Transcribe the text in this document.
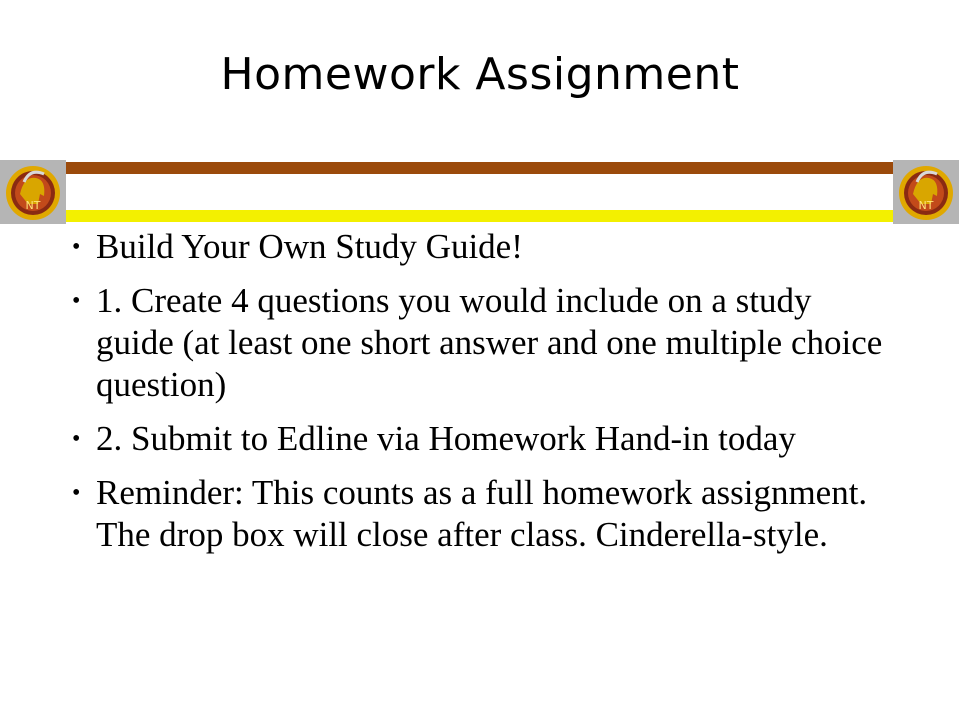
Homework Assignment
NT	NT
• Build Your Own Study Guide!
• 1. Create 4 questions you would include on a study guide (at least one short answer and one multiple choice question)
• 2. Submit to Edline via Homework Hand-in today
• Reminder: This counts as a full homework assignment. The drop box will close after class. Cinderella-style.
